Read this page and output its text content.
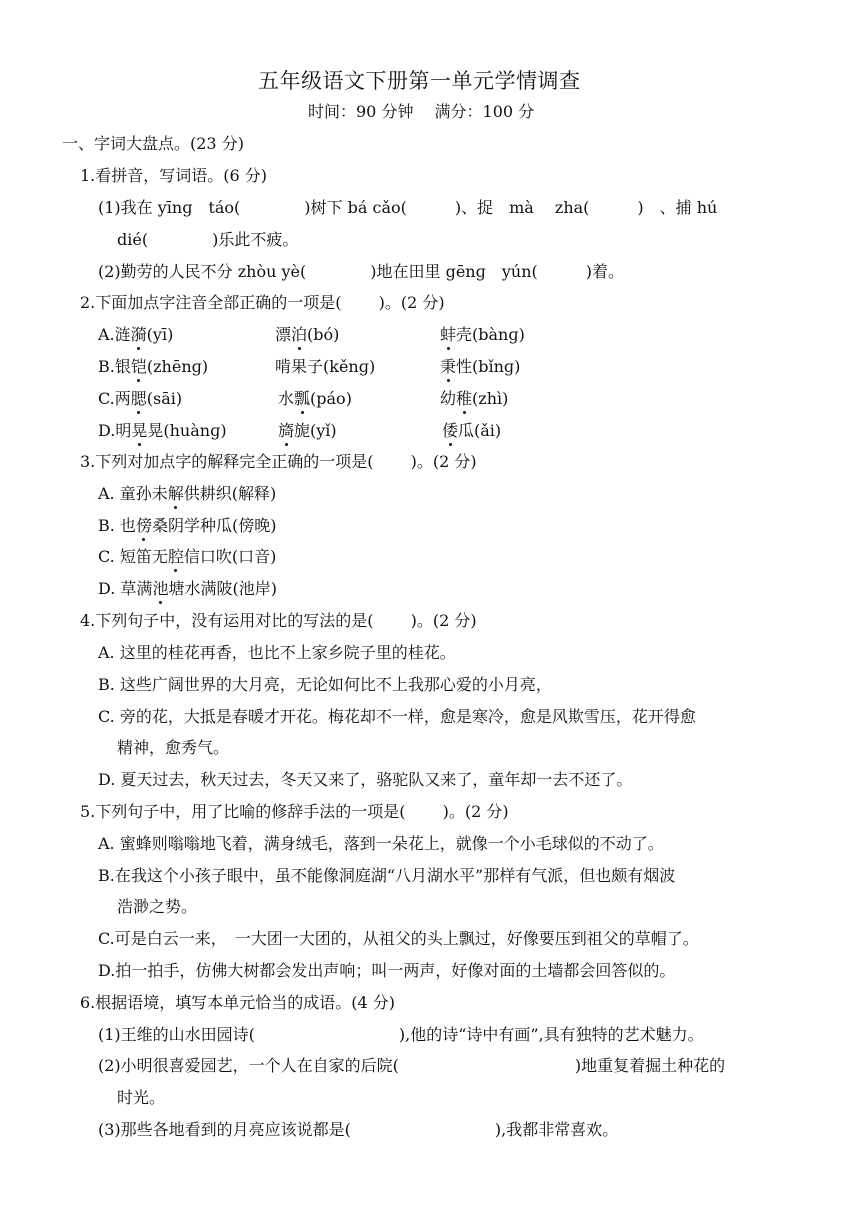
五年级语文下册第一单元学情调查
时间：90 分钟　 满分：100 分
一、字词大盘点。(23 分)
1.看拼音，写词语。(6 分)
(1)我在 yīnɡ　táo(　　　　)树下 bá cǎo(　　　)、捉　mà　 zha(　　　)　、捕 hú
dié(　　　　)乐此不疲。
(2)勤劳的人民不分 zhòu yè(　　　　)地在田里 gēnɡ　yún(　　　)着。
2.下面加点字注音全部正确的一项是(　　 )。(2 分)
A.涟漪(yī)	漂泊(bó)	蚌壳(bànɡ)
B.银铠(zhēnɡ)	啃果子(kěnɡ)	秉性(bǐnɡ)
C.两腮(sāi)	水瓢(páo)	幼稚(zhì)
D.明晃晃(huànɡ)	旖旎(yǐ)	倭瓜(ǎi)
3.下列对加点字的解释完全正确的一项是(　　 )。(2 分)
A. 童孙未解供耕织(解释)
B. 也傍桑阴学种瓜(傍晚)
C. 短笛无腔信口吹(口音)
D. 草满池塘水满陂(池岸)
4.下列句子中，没有运用对比的写法的是(　　 )。(2 分)
A. 这里的桂花再香，也比不上家乡院子里的桂花。
B. 这些广阔世界的大月亮，无论如何比不上我那心爱的小月亮，
C. 旁的花，大抵是春暖才开花。梅花却不一样，愈是寒冷，愈是风欺雪压，花开得愈
精神，愈秀气。
D. 夏天过去，秋天过去，冬天又来了，骆驼队又来了，童年却一去不还了。
5.下列句子中，用了比喻的修辞手法的一项是(　　 )。(2 分)
A. 蜜蜂则嗡嗡地飞着，满身绒毛，落到一朵花上，就像一个小毛球似的不动了。
B.在我这个小孩子眼中，虽不能像洞庭湖“八月湖水平”那样有气派，但也颇有烟波
浩渺之势。
C.可是白云一来，　一大团一大团的，从祖父的头上飘过，好像要压到祖父的草帽了。
D.拍一拍手，仿佛大树都会发出声响；叫一两声，好像对面的土墙都会回答似的。
6.根据语境，填写本单元恰当的成语。(4 分)
(1)王维的山水田园诗(　　　　　　　　　),他的诗“诗中有画”,具有独特的艺术魅力。
(2)小明很喜爱园艺，一个人在自家的后院(　　　　　　　　　　　)地重复着掘土种花的
时光。
(3)那些各地看到的月亮应该说都是(　　　　　　　　　),我都非常喜欢。
